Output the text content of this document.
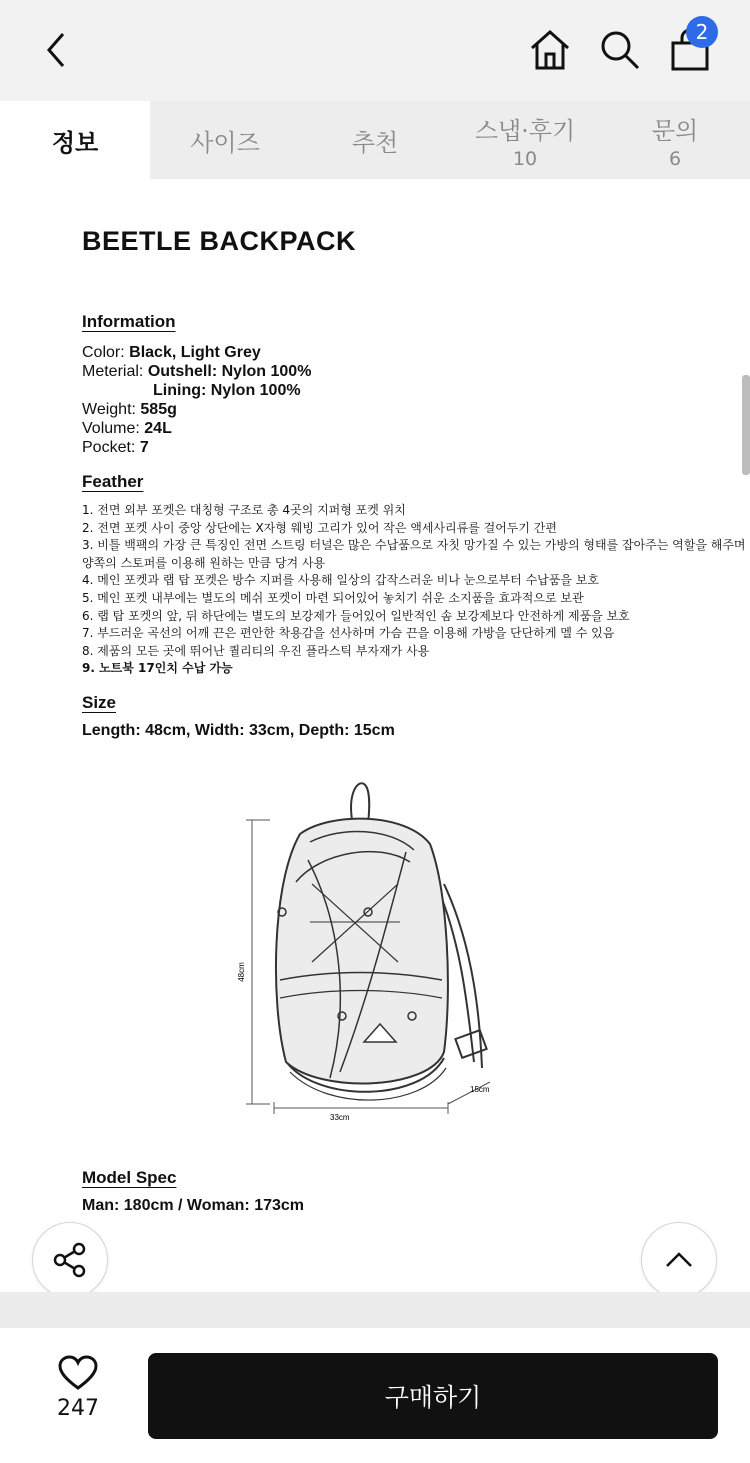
2
정보	사이즈	추천	스냅·후기
10
문의
6
BEETLE BACKPACK
Information
Color: Black, Light Grey
Meterial: Outshell: Nylon 100%
Lining: Nylon 100%
Weight: 585g
Volume: 24L
Pocket: 7
Feather
1. 전면 외부 포켓은 대칭형 구조로 총 4곳의 지퍼형 포켓 위치
2. 전면 포켓 사이 중앙 상단에는 X자형 웨빙 고리가 있어 작은 액세사리류를 걸어두기 간편
3. 비틀 백팩의 가장 큰 특징인 전면 스트링 터널은 많은 수납품으로 자칫 망가질 수 있는 가방의 형태를 잡아주는 역할을 해주며
양쪽의 스토퍼를 이용해 원하는 만큼 당겨 사용
4. 메인 포켓과 랩 탑 포켓은 방수 지퍼를 사용해 일상의 갑작스러운 비나 눈으로부터 수납품을 보호
5. 메인 포켓 내부에는 별도의 메쉬 포켓이 마련 되어있어 놓치기 쉬운 소지품을 효과적으로 보관
6. 랩 탑 포켓의 앞, 뒤 하단에는 별도의 보강제가 들어있어 일반적인 솜 보강제보다 안전하게 제품을 보호
7. 부드러운 곡선의 어깨 끈은 편안한 착용감을 선사하며 가슴 끈을 이용해 가방을 단단하게 멜 수 있음
8. 제품의 모든 곳에 뛰어난 퀄리티의 우진 플라스틱 부자재가 사용
9. 노트북 17인치 수납 가능
Size
Length: 48cm, Width: 33cm, Depth: 15cm
Model Spec
Man: 180cm / Woman: 173cm
48cm
33cm
15cm
247	구매하기
